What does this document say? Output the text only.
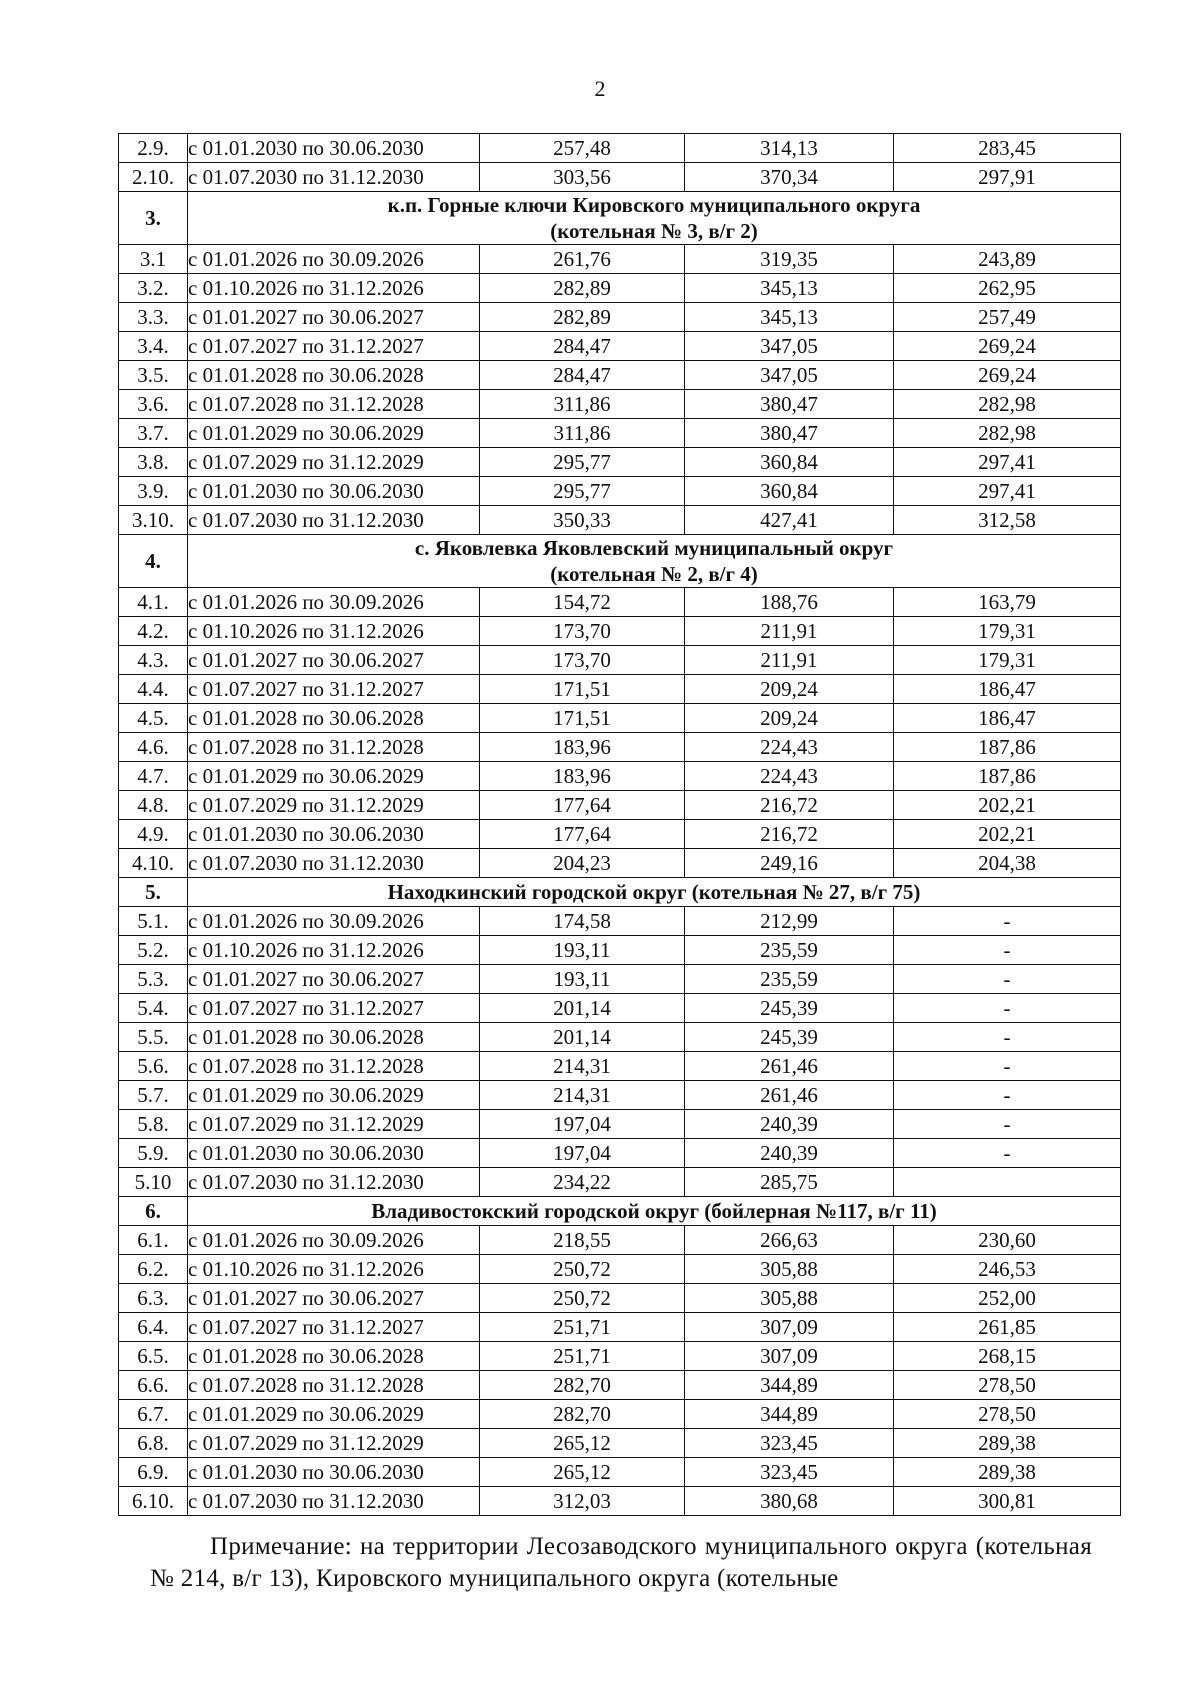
2
2.9.	с 01.01.2030 по 30.06.2030	257,48	314,13	283,45
2.10.	с 01.07.2030 по 31.12.2030	303,56	370,34	297,91
3.	к.п. Горные ключи Кировского муниципального округа
(котельная № 3, в/г 2)			

3.1	с 01.01.2026 по 30.09.2026	261,76	319,35	243,89
3.2.	с 01.10.2026 по 31.12.2026	282,89	345,13	262,95
3.3.	с 01.01.2027 по 30.06.2027	282,89	345,13	257,49
3.4.	с 01.07.2027 по 31.12.2027	284,47	347,05	269,24
3.5.	с 01.01.2028 по 30.06.2028	284,47	347,05	269,24
3.6.	с 01.07.2028 по 31.12.2028	311,86	380,47	282,98
3.7.	с 01.01.2029 по 30.06.2029	311,86	380,47	282,98
3.8.	с 01.07.2029 по 31.12.2029	295,77	360,84	297,41
3.9.	с 01.01.2030 по 30.06.2030	295,77	360,84	297,41
3.10.	с 01.07.2030 по 31.12.2030	350,33	427,41	312,58
4.	с. Яковлевка Яковлевский муниципальный округ
(котельная № 2, в/г 4)			

4.1.	с 01.01.2026 по 30.09.2026	154,72	188,76	163,79
4.2.	с 01.10.2026 по 31.12.2026	173,70	211,91	179,31
4.3.	с 01.01.2027 по 30.06.2027	173,70	211,91	179,31
4.4.	с 01.07.2027 по 31.12.2027	171,51	209,24	186,47
4.5.	с 01.01.2028 по 30.06.2028	171,51	209,24	186,47
4.6.	с 01.07.2028 по 31.12.2028	183,96	224,43	187,86
4.7.	с 01.01.2029 по 30.06.2029	183,96	224,43	187,86
4.8.	с 01.07.2029 по 31.12.2029	177,64	216,72	202,21
4.9.	с 01.01.2030 по 30.06.2030	177,64	216,72	202,21
4.10.	с 01.07.2030 по 31.12.2030	204,23	249,16	204,38
5.	Находкинский городской округ (котельная № 27, в/г 75)			

5.1.	с 01.01.2026 по 30.09.2026	174,58	212,99	-
5.2.	с 01.10.2026 по 31.12.2026	193,11	235,59	-
5.3.	с 01.01.2027 по 30.06.2027	193,11	235,59	-
5.4.	с 01.07.2027 по 31.12.2027	201,14	245,39	-
5.5.	с 01.01.2028 по 30.06.2028	201,14	245,39	-
5.6.	с 01.07.2028 по 31.12.2028	214,31	261,46	-
5.7.	с 01.01.2029 по 30.06.2029	214,31	261,46	-
5.8.	с 01.07.2029 по 31.12.2029	197,04	240,39	-
5.9.	с 01.01.2030 по 30.06.2030	197,04	240,39	-
5.10	с 01.07.2030 по 31.12.2030	234,22	285,75	
6.	Владивостокский городской округ (бойлерная №117, в/г 11)			

6.1.	с 01.01.2026 по 30.09.2026	218,55	266,63	230,60
6.2.	с 01.10.2026 по 31.12.2026	250,72	305,88	246,53
6.3.	с 01.01.2027 по 30.06.2027	250,72	305,88	252,00
6.4.	с 01.07.2027 по 31.12.2027	251,71	307,09	261,85
6.5.	с 01.01.2028 по 30.06.2028	251,71	307,09	268,15
6.6.	с 01.07.2028 по 31.12.2028	282,70	344,89	278,50
6.7.	с 01.01.2029 по 30.06.2029	282,70	344,89	278,50
6.8.	с 01.07.2029 по 31.12.2029	265,12	323,45	289,38
6.9.	с 01.01.2030 по 30.06.2030	265,12	323,45	289,38
6.10.	с 01.07.2030 по 31.12.2030	312,03	380,68	300,81
Примечание: на территории Лесозаводского муниципального округа (котельная № 214, в/г 13), Кировского муниципального округа (котельные
